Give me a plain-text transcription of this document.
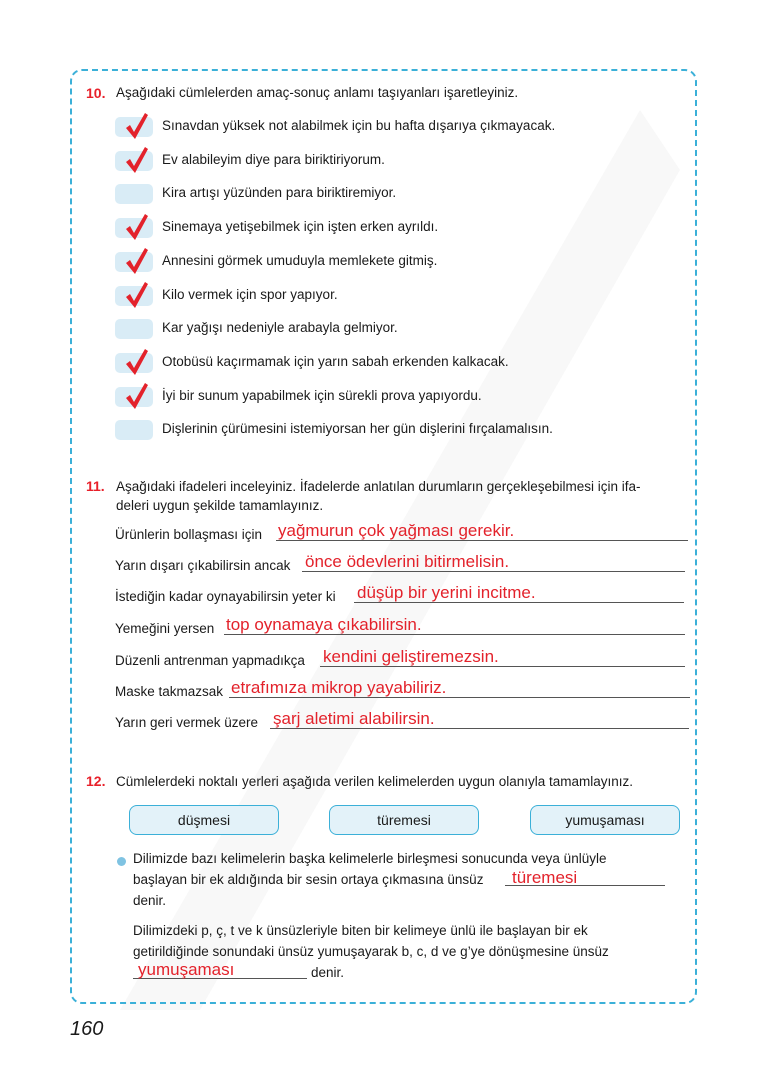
10. Aşağıdaki cümlelerden amaç-sonuç anlamı taşıyanları işaretleyiniz.
Sınavdan yüksek not alabilmek için bu hafta dışarıya çıkmayacak.
Ev alabileyim diye para biriktiriyorum.
Kira artışı yüzünden para biriktiremiyor.
Sinemaya yetişebilmek için işten erken ayrıldı.
Annesini görmek umuduyla memlekete gitmiş.
Kilo vermek için spor yapıyor.
Kar yağışı nedeniyle arabayla gelmiyor.
Otobüsü kaçırmamak için yarın sabah erkenden kalkacak.
İyi bir sunum yapabilmek için sürekli prova yapıyordu.
Dişlerinin çürümesini istemiyorsan her gün dişlerini fırçalamalısın.
11. Aşağıdaki ifadeleri inceleyiniz. İfadelerde anlatılan durumların gerçekleşebilmesi için ifa-
deleri uygun şekilde tamamlayınız.
Ürünlerin bollaşması için yağmurun çok yağması gerekir.
Yarın dışarı çıkabilirsin ancak önce ödevlerini bitirmelisin.
İstediğin kadar oynayabilirsin yeter ki düşüp bir yerini incitme.
Yemeğini yersen top oynamaya çıkabilirsin.
Düzenli antrenman yapmadıkça kendini geliştiremezsin.
Maske takmazsak etrafımıza mikrop yayabiliriz.
Yarın geri vermek üzere şarj aletimi alabilirsin.
12. Cümlelerdeki noktalı yerleri aşağıda verilen kelimelerden uygun olanıyla tamamlayınız.
düşmesi	türemesi	yumuşaması
Dilimizde bazı kelimelerin başka kelimelerle birleşmesi sonucunda veya ünlüyle
başlayan bir ek aldığında bir sesin ortaya çıkmasına ünsüz türemesi
denir.
Dilimizdeki p, ç, t ve k ünsüzleriyle biten bir kelimeye ünlü ile başlayan bir ek
getirildiğinde sonundaki ünsüz yumuşayarak b, c, d ve g’ye dönüşmesine ünsüz
yumuşaması	denir.
160
